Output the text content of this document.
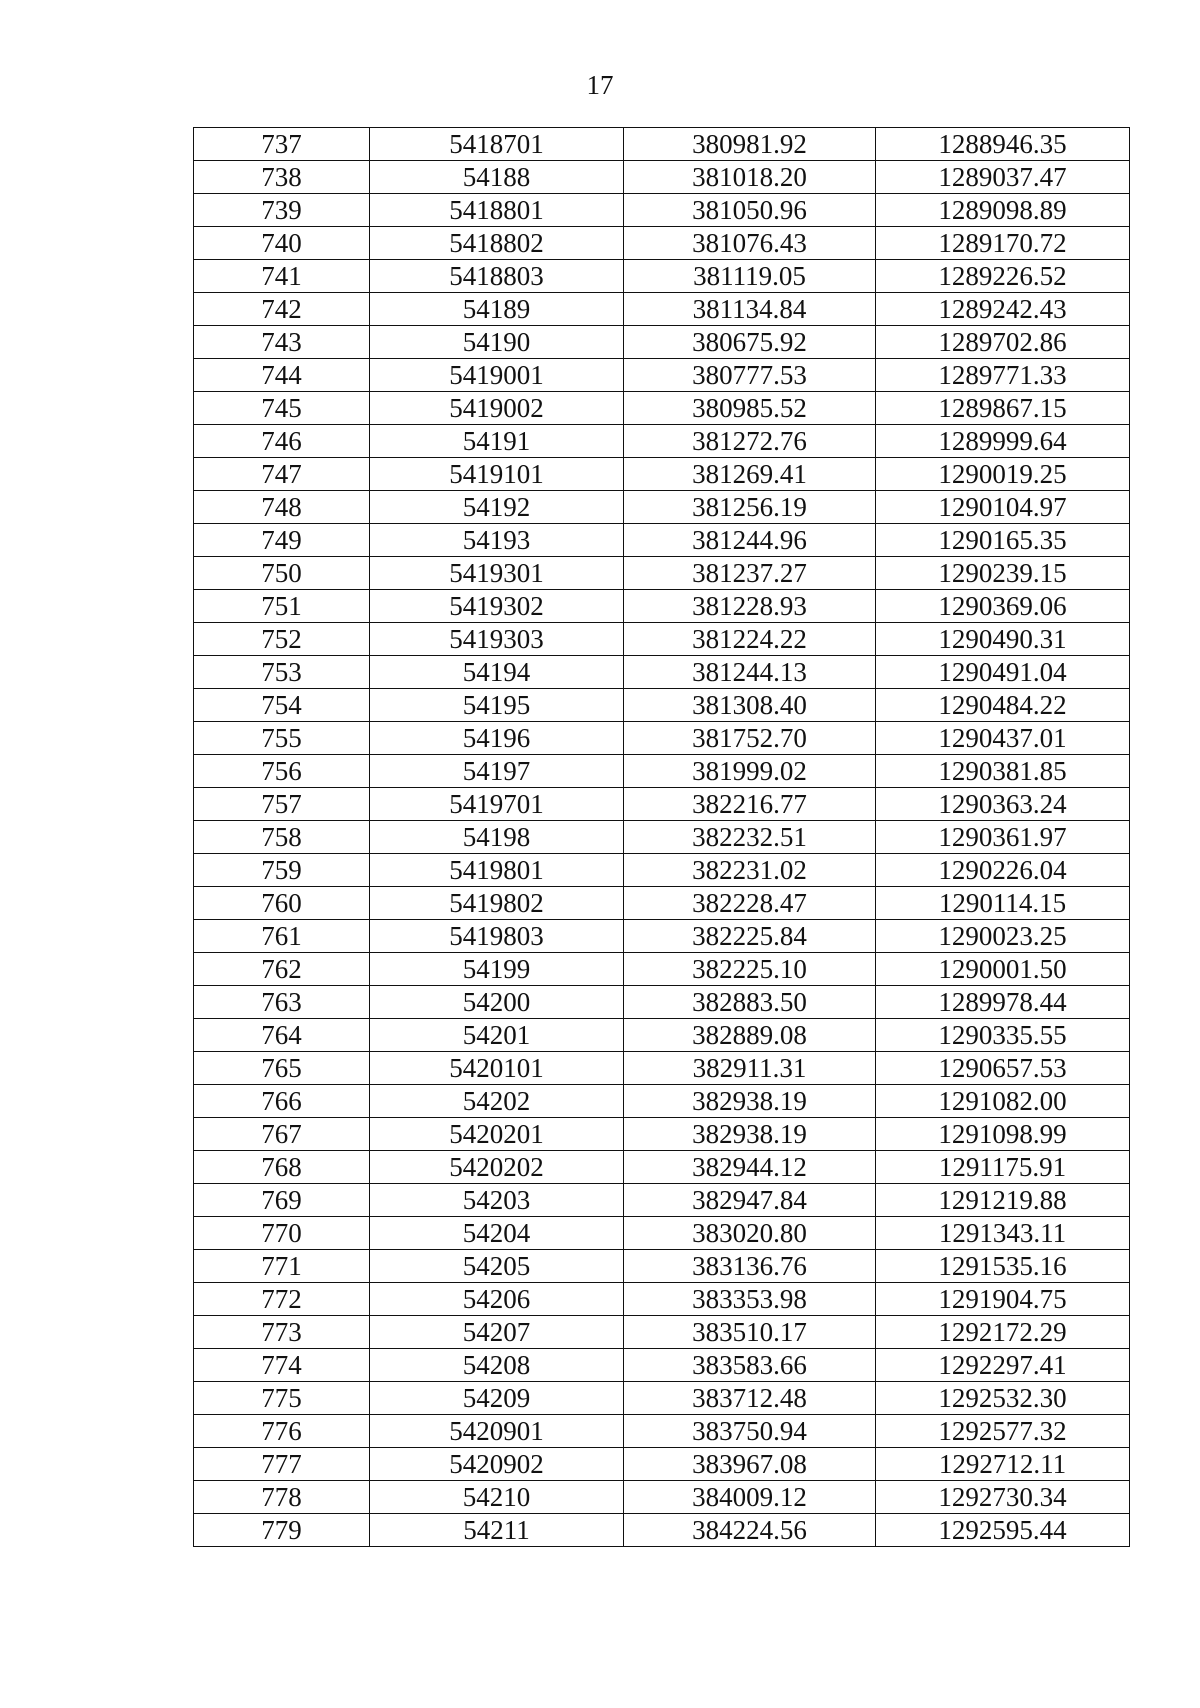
17
737	5418701	380981.92	1288946.35
738	54188	381018.20	1289037.47
739	5418801	381050.96	1289098.89
740	5418802	381076.43	1289170.72
741	5418803	381119.05	1289226.52
742	54189	381134.84	1289242.43
743	54190	380675.92	1289702.86
744	5419001	380777.53	1289771.33
745	5419002	380985.52	1289867.15
746	54191	381272.76	1289999.64
747	5419101	381269.41	1290019.25
748	54192	381256.19	1290104.97
749	54193	381244.96	1290165.35
750	5419301	381237.27	1290239.15
751	5419302	381228.93	1290369.06
752	5419303	381224.22	1290490.31
753	54194	381244.13	1290491.04
754	54195	381308.40	1290484.22
755	54196	381752.70	1290437.01
756	54197	381999.02	1290381.85
757	5419701	382216.77	1290363.24
758	54198	382232.51	1290361.97
759	5419801	382231.02	1290226.04
760	5419802	382228.47	1290114.15
761	5419803	382225.84	1290023.25
762	54199	382225.10	1290001.50
763	54200	382883.50	1289978.44
764	54201	382889.08	1290335.55
765	5420101	382911.31	1290657.53
766	54202	382938.19	1291082.00
767	5420201	382938.19	1291098.99
768	5420202	382944.12	1291175.91
769	54203	382947.84	1291219.88
770	54204	383020.80	1291343.11
771	54205	383136.76	1291535.16
772	54206	383353.98	1291904.75
773	54207	383510.17	1292172.29
774	54208	383583.66	1292297.41
775	54209	383712.48	1292532.30
776	5420901	383750.94	1292577.32
777	5420902	383967.08	1292712.11
778	54210	384009.12	1292730.34
779	54211	384224.56	1292595.44
